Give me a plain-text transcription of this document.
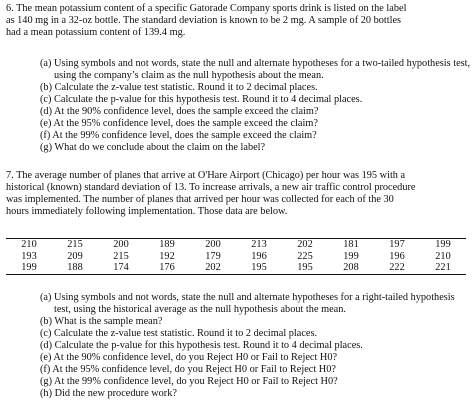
6. The mean potassium content of a specific Gatorade Company sports drink is listed on the label
as 140 mg in a 32-oz bottle. The standard deviation is known to be 2 mg. A sample of 20 bottles
had a mean potassium content of 139.4 mg.
(a) Using symbols and not words, state the null and alternate hypotheses for a two-tailed hypothesis test, using the company’s claim as the null hypothesis about the mean.
(b) Calculate the z-value test statistic. Round it to 2 decimal places.
(c) Calculate the p-value for this hypothesis test. Round it to 4 decimal places.
(d) At the 90% confidence level, does the sample exceed the claim?
(e) At the 95% confidence level, does the sample exceed the claim?
(f) At the 99% confidence level, does the sample exceed the claim?
(g) What do we conclude about the claim on the label?
7. The average number of planes that arrive at O'Hare Airport (Chicago) per hour was 195 with a
historical (known) standard deviation of 13. To increase arrivals, a new air traffic control procedure
was implemented. The number of planes that arrived per hour was collected for each of the 30
hours immediately following implementation. Those data are below.
210	215	200	189	200	213	202	181	197	199
193	209	215	192	179	196	225	199	196	210
199	188	174	176	202	195	195	208	222	221
(a) Using symbols and not words, state the null and alternate hypotheses for a right-tailed hypothesis test, using the historical average as the null hypothesis about the mean.
(b) What is the sample mean?
(c) Calculate the z-value test statistic. Round it to 2 decimal places.
(d) Calculate the p-value for this hypothesis test. Round it to 4 decimal places.
(e) At the 90% confidence level, do you Reject H0 or Fail to Reject H0?
(f) At the 95% confidence level, do you Reject H0 or Fail to Reject H0?
(g) At the 99% confidence level, do you Reject H0 or Fail to Reject H0?
(h) Did the new procedure work?
